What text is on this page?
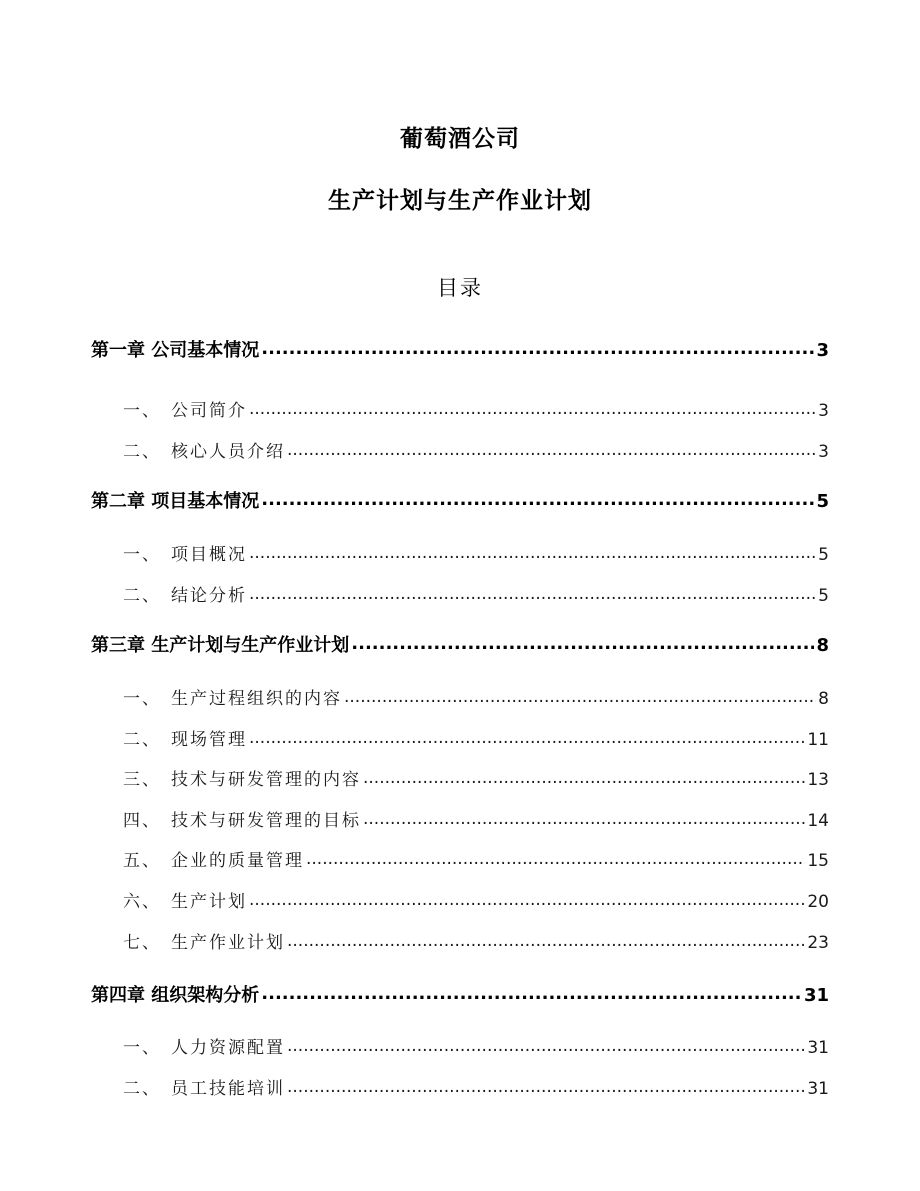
葡萄酒公司
生产计划与生产作业计划
目录
第一章 公司基本情况 .....	3
一、 公司简介 .....	3
二、 核心人员介绍 .....	3
第二章 项目基本情况 .....	5
一、 项目概况 .....	5
二、 结论分析 .....	5
第三章 生产计划与生产作业计划 .....	8
一、 生产过程组织的内容 .....	8
二、 现场管理 .....	11
三、 技术与研发管理的内容 .....	13
四、 技术与研发管理的目标 .....	14
五、 企业的质量管理 .....	15
六、 生产计划 .....	20
七、 生产作业计划 .....	23
第四章 组织架构分析 .....	31
一、 人力资源配置 .....	31
二、 员工技能培训 .....	31
